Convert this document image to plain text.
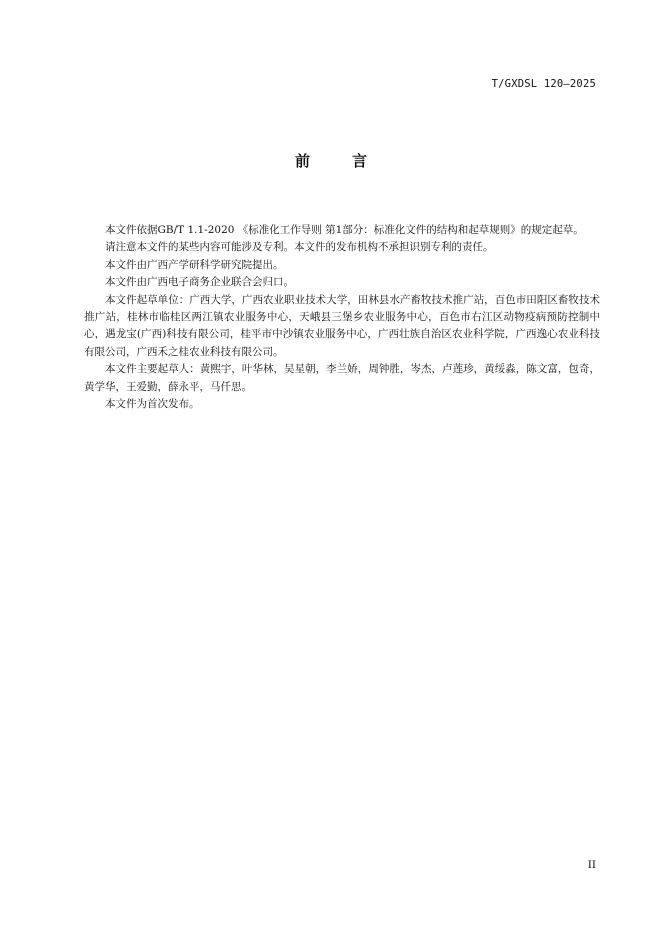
T/GXDSL 120—2025
前言

本文件依据GB/T 1.1-2020 《标准化工作导则 第1部分：标准化文件的结构和起草规则》的规定起草。

请注意本文件的某些内容可能涉及专利。本文件的发布机构不承担识别专利的责任。

本文件由广西产学研科学研究院提出。

本文件由广西电子商务企业联合会归口。

本文件起草单位：广西大学，广西农业职业技术大学，田林县水产畜牧技术推广站，百色市田阳区畜牧技术推广站，桂林市临桂区两江镇农业服务中心，天峨县三堡乡农业服务中心，百色市右江区动物疫病预防控制中心，遇龙宝(广西)科技有限公司，桂平市中沙镇农业服务中心，广西壮族自治区农业科学院，广西逸心农业科技有限公司，广西禾之桂农业科技有限公司。

本文件主要起草人：黄熙宇，叶华林，吴星朝，李兰娇，周钟胜，岑杰，卢莲珍，黄绥淼，陈文富，包奇，黄学华，王爱勤，薛永平，马仟思。

本文件为首次发布。

II
